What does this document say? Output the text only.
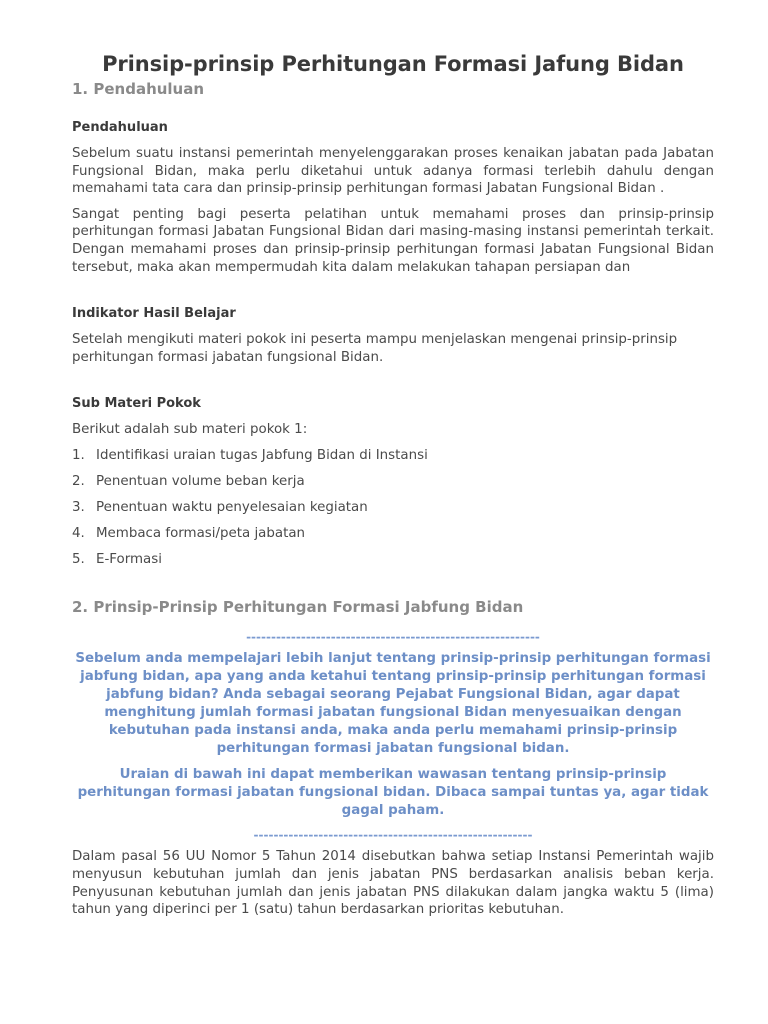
Prinsip-prinsip Perhitungan Formasi Jafung Bidan
1. Pendahuluan
Pendahuluan

Sebelum suatu instansi pemerintah menyelenggarakan proses kenaikan jabatan pada Jabatan Fungsional Bidan, maka perlu diketahui untuk adanya formasi terlebih dahulu dengan memahami tata cara dan prinsip-prinsip perhitungan formasi Jabatan Fungsional Bidan .

Sangat penting bagi peserta pelatihan untuk memahami proses dan prinsip-prinsip perhitungan formasi Jabatan Fungsional Bidan dari masing-masing instansi pemerintah terkait. Dengan memahami proses dan prinsip-prinsip perhitungan formasi Jabatan Fungsional Bidan tersebut, maka akan mempermudah kita dalam melakukan tahapan persiapan dan

Indikator Hasil Belajar

Setelah mengikuti materi pokok ini peserta mampu menjelaskan mengenai prinsip-prinsip perhitungan formasi jabatan fungsional Bidan.

Sub Materi Pokok

Berikut adalah sub materi pokok 1:

1. Identifikasi uraian tugas Jabfung Bidan di Instansi
2. Penentuan volume beban kerja
3. Penentuan waktu penyelesaian kegiatan
4. Membaca formasi/peta jabatan
5. E-Formasi
2. Prinsip-Prinsip Perhitungan Formasi Jabfung Bidan

-----------------------------------------------------------

Sebelum anda mempelajari lebih lanjut tentang prinsip-prinsip perhitungan formasi jabfung bidan, apa yang anda ketahui tentang prinsip-prinsip perhitungan formasi jabfung bidan? Anda sebagai seorang Pejabat Fungsional Bidan, agar dapat menghitung jumlah formasi jabatan fungsional Bidan menyesuaikan dengan kebutuhan pada instansi anda, maka anda perlu memahami prinsip-prinsip perhitungan formasi jabatan fungsional bidan.

Uraian di bawah ini dapat memberikan wawasan tentang prinsip-prinsip perhitungan formasi jabatan fungsional bidan. Dibaca sampai tuntas ya, agar tidak gagal paham.

--------------------------------------------------------

Dalam pasal 56 UU Nomor 5 Tahun 2014 disebutkan bahwa setiap Instansi Pemerintah wajib menyusun kebutuhan jumlah dan jenis jabatan PNS berdasarkan analisis beban kerja. Penyusunan kebutuhan jumlah dan jenis jabatan PNS dilakukan dalam jangka waktu 5 (lima) tahun yang diperinci per 1 (satu) tahun berdasarkan prioritas kebutuhan.
